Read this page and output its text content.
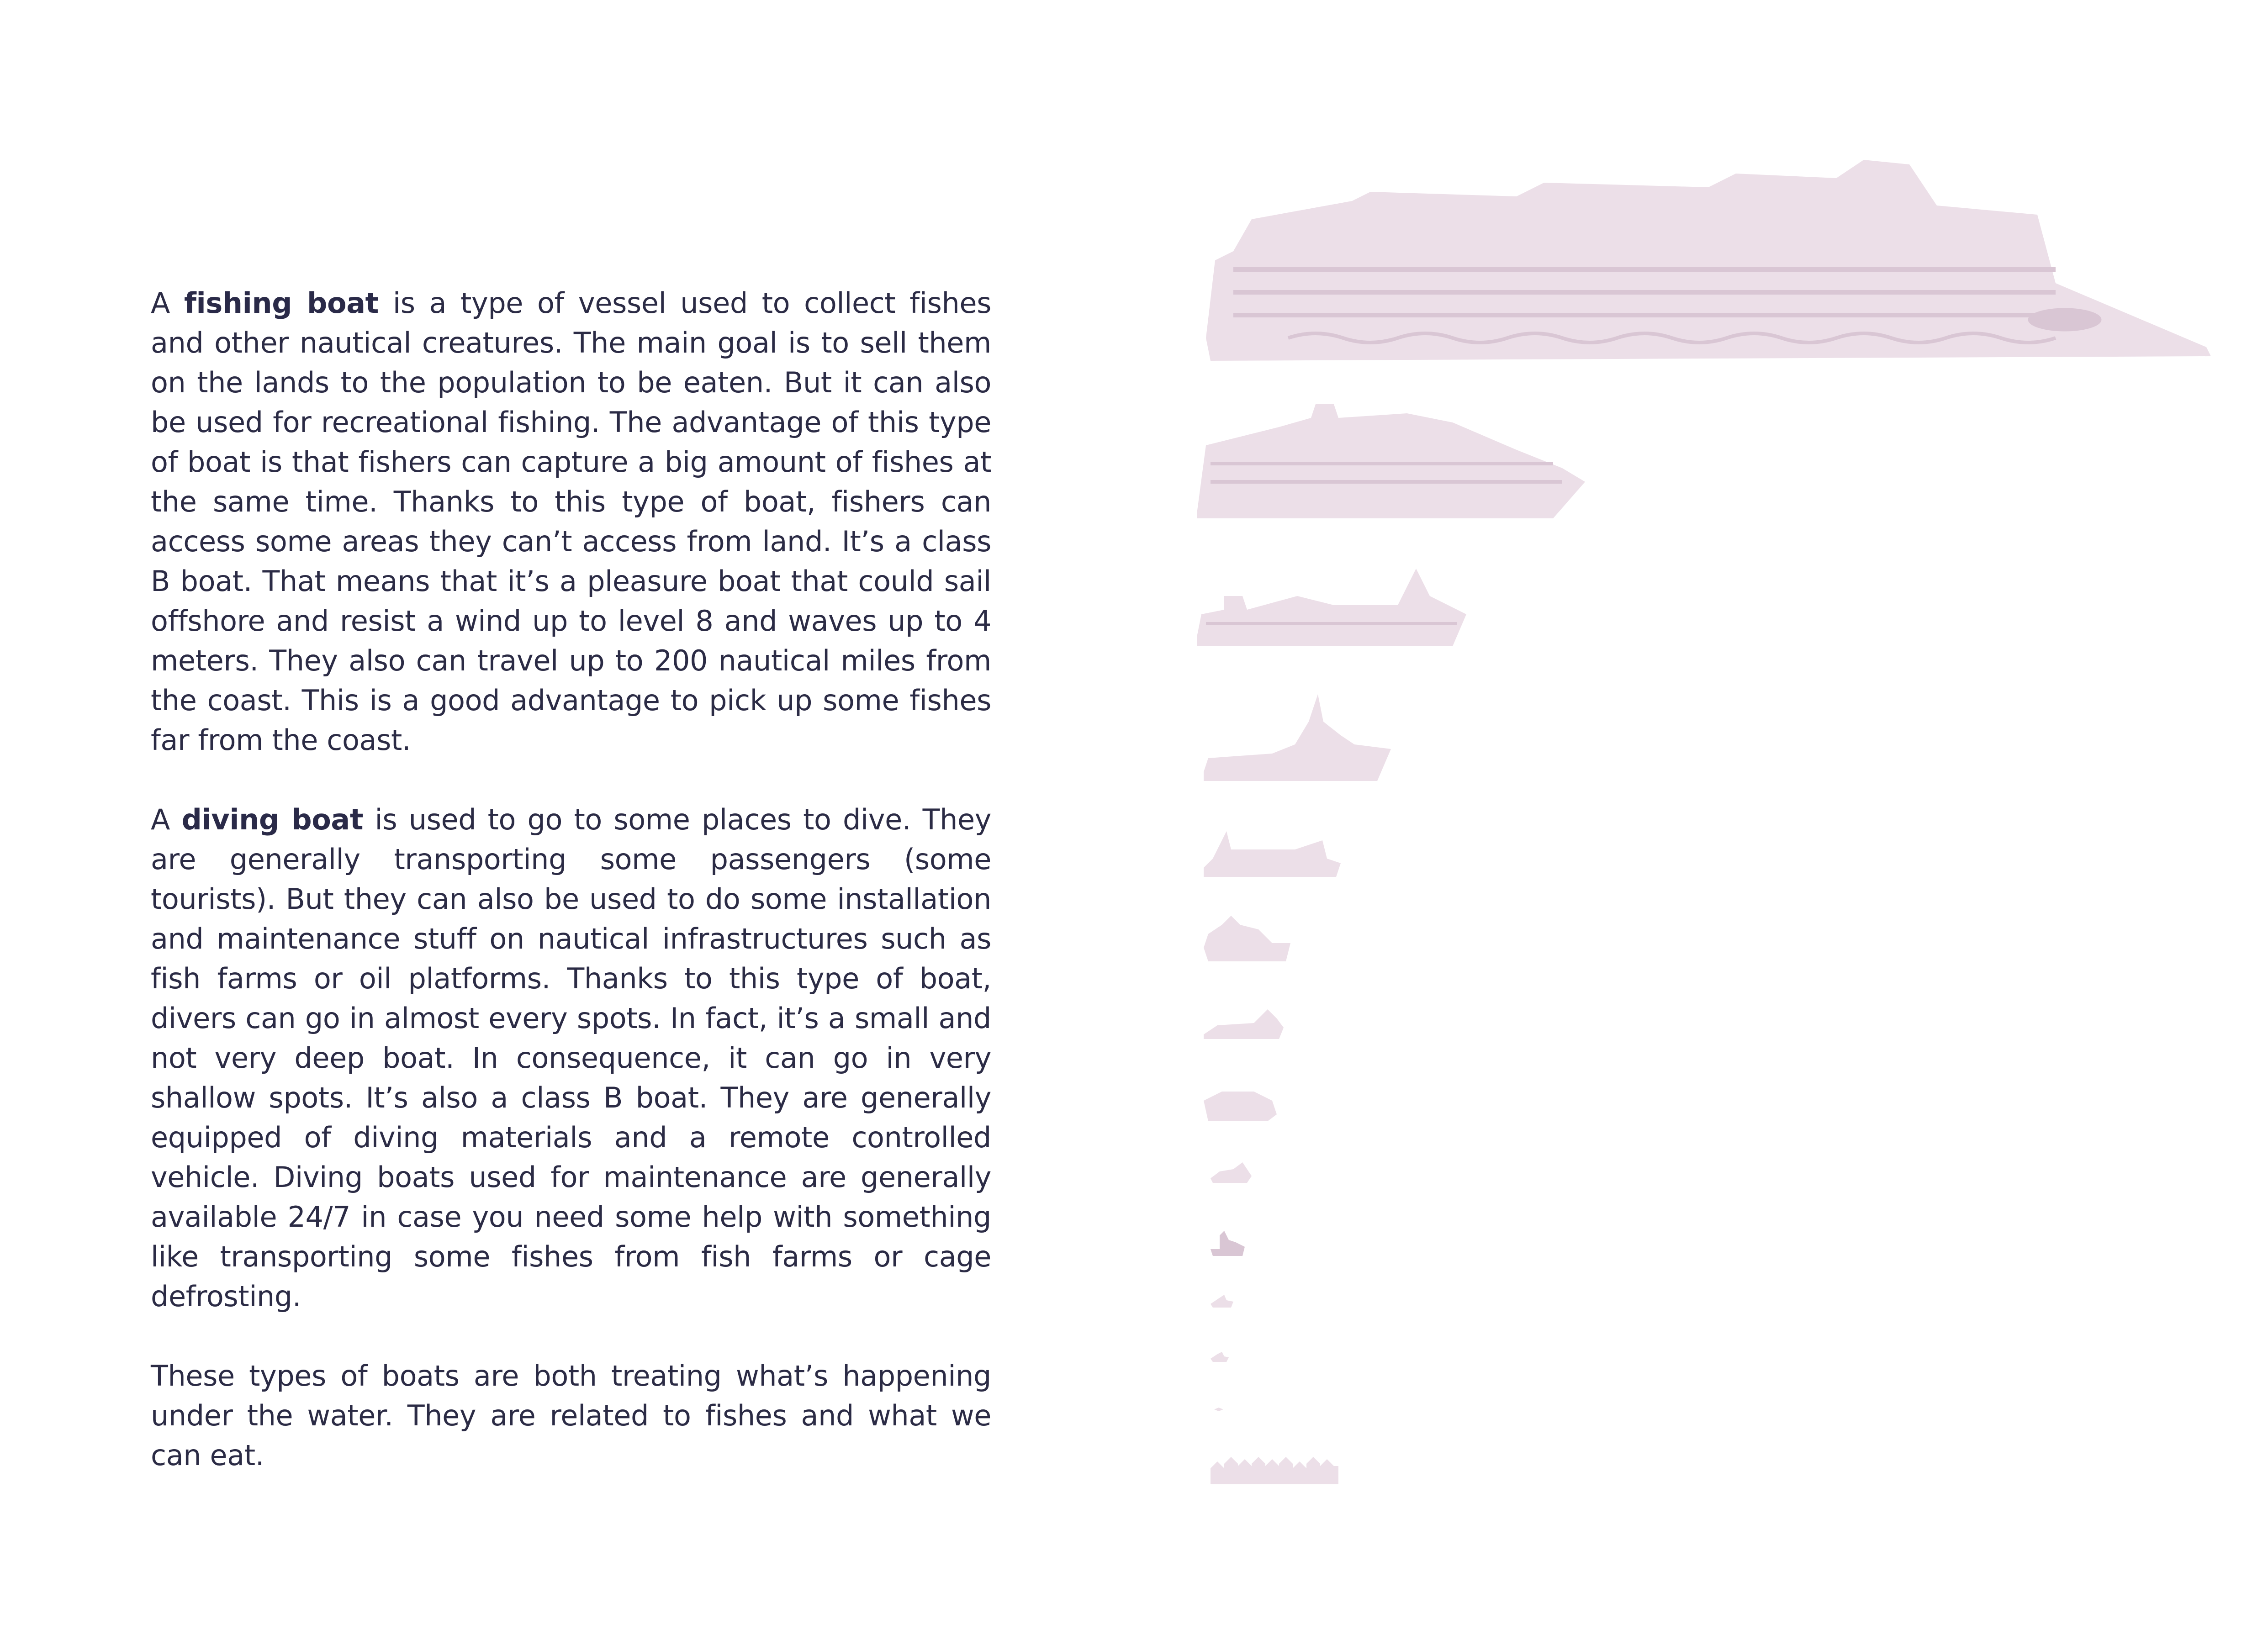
A fishing boat is a type of vessel used to collect fishes and other nautical creatures. The main goal is to sell them on the lands to the population to be eaten. But it can also be used for recreational fishing. The advantage of this type of boat is that fishers can capture a big amount of fishes at the same time. Thanks to this type of boat, fishers can access some areas they can’t access from land. It’s a class B boat. That means that it’s a pleasure boat that could sail offshore and resist a wind up to level 8 and waves up to 4 meters. They also can travel up to 200 nautical miles from the coast. This is a good advantage to pick up some fishes far from the coast.

A diving boat is used to go to some places to dive. They are generally transporting some passengers (some tourists). But they can also be used to do some installation and maintenance stuff on nautical infrastructures such as fish farms or oil platforms. Thanks to this type of boat, divers can go in almost every spots. In fact, it’s a small and not very deep boat. In consequence, it can go in very shallow spots. It’s also a class B boat. They are generally equipped of diving materials and a remote controlled vehicle. Diving boats used for maintenance are generally available 24/7 in case you need some help with something like transporting some fishes from fish farms or cage defrosting.

These types of boats are both treating what’s happening under the water. They are related to fishes and what we can eat.
